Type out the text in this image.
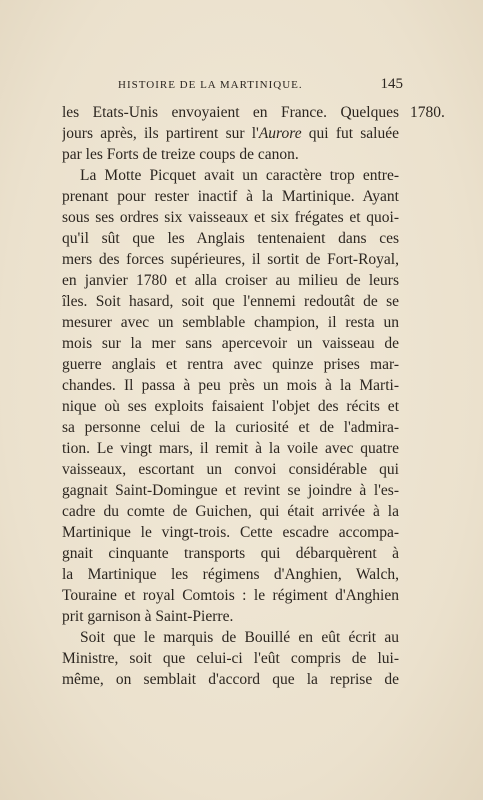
HISTOIRE DE LA MARTINIQUE.	145
1780.
les Etats-Unis envoyaient en France. Quelques
jours après, ils partirent sur l'Aurore qui fut saluée
par les Forts de treize coups de canon.
La Motte Picquet avait un caractère trop entre-
prenant pour rester inactif à la Martinique. Ayant
sous ses ordres six vaisseaux et six frégates et quoi-
qu'il sût que les Anglais tentenaient dans ces
mers des forces supérieures, il sortit de Fort-Royal,
en janvier 1780 et alla croiser au milieu de leurs
îles. Soit hasard, soit que l'ennemi redoutât de se
mesurer avec un semblable champion, il resta un
mois sur la mer sans apercevoir un vaisseau de
guerre anglais et rentra avec quinze prises mar-
chandes. Il passa à peu près un mois à la Marti-
nique où ses exploits faisaient l'objet des récits et
sa personne celui de la curiosité et de l'admira-
tion. Le vingt mars, il remit à la voile avec quatre
vaisseaux, escortant un convoi considérable qui
gagnait Saint-Domingue et revint se joindre à l'es-
cadre du comte de Guichen, qui était arrivée à la
Martinique le vingt-trois. Cette escadre accompa-
gnait cinquante transports qui débarquèrent à
la Martinique les régimens d'Anghien, Walch,
Touraine et royal Comtois : le régiment d'Anghien
prit garnison à Saint-Pierre.
Soit que le marquis de Bouillé en eût écrit au
Ministre, soit que celui-ci l'eût compris de lui-
même, on semblait d'accord que la reprise de
